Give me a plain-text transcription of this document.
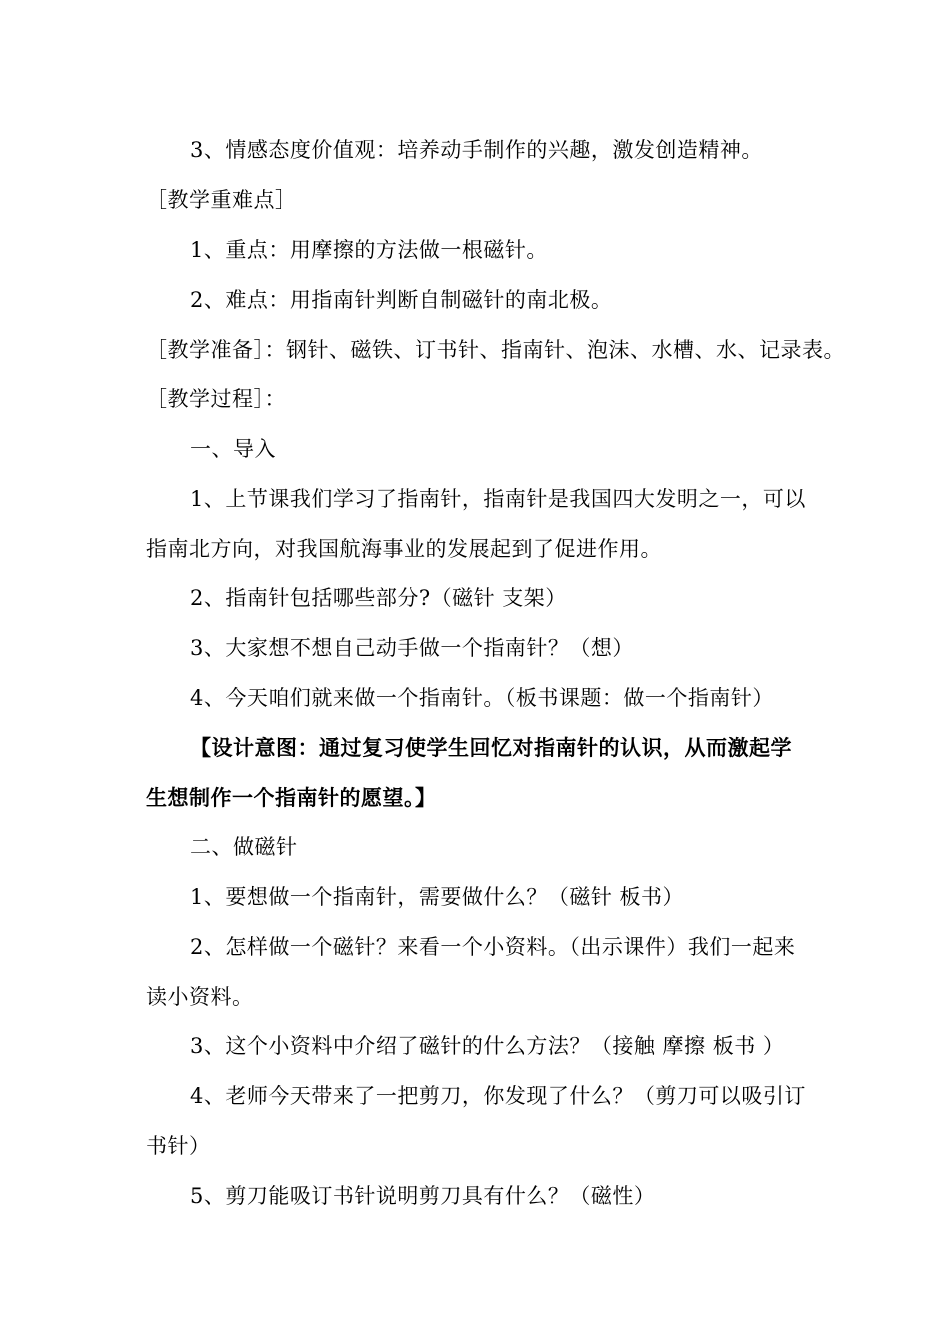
3、情感态度价值观：培养动手制作的兴趣，激发创造精神。
［教学重难点］
1、重点：用摩擦的方法做一根磁针。
2、难点：用指南针判断自制磁针的南北极。
［教学准备］：钢针、磁铁、订书针、指南针、泡沫、水槽、水、记录表。
［教学过程］：
一、导入
1、上节课我们学习了指南针，指南针是我国四大发明之一，可以
指南北方向，对我国航海事业的发展起到了促进作用。
2、指南针包括哪些部分?（磁针 支架）
3、大家想不想自己动手做一个指南针？（想）
4、今天咱们就来做一个指南针。（板书课题：做一个指南针）
【设计意图：通过复习使学生回忆对指南针的认识，从而激起学
生想制作一个指南针的愿望。】
二、做磁针
1、要想做一个指南针，需要做什么？（磁针 板书）
2、怎样做一个磁针？来看一个小资料。（出示课件）我们一起来
读小资料。
3、这个小资料中介绍了磁针的什么方法？（接触 摩擦 板书 ）
4、老师今天带来了一把剪刀，你发现了什么？（剪刀可以吸引订
书针）
5、剪刀能吸订书针说明剪刀具有什么？（磁性）
